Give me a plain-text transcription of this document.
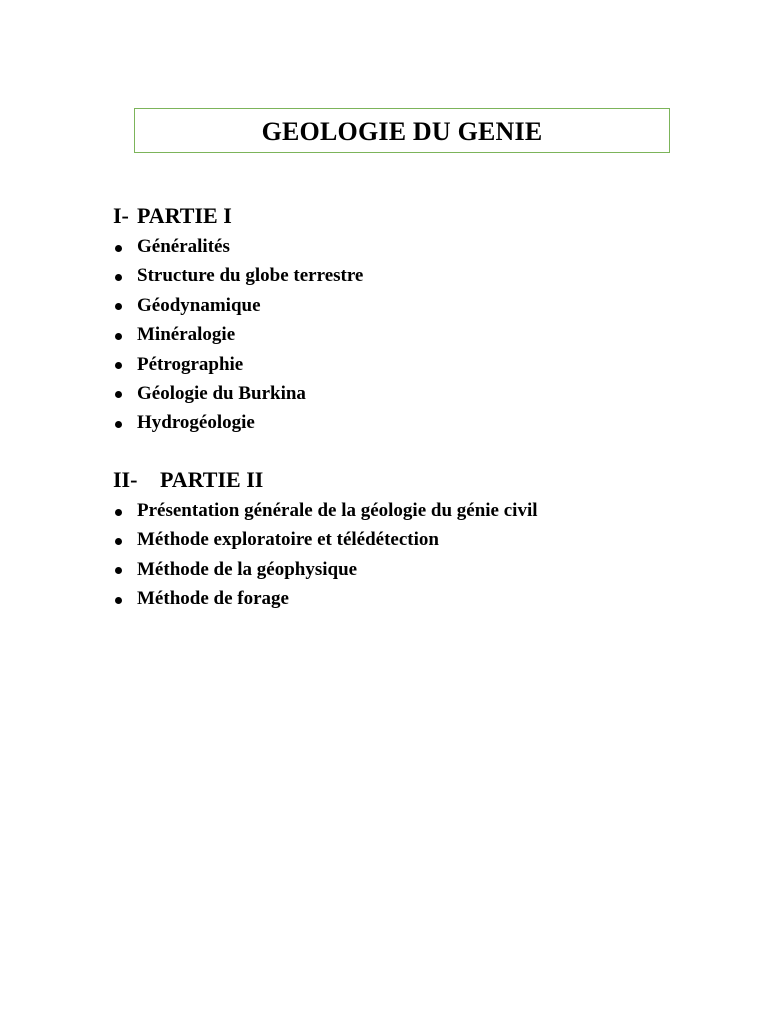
GEOLOGIE DU GENIE
I- PARTIE I
Généralités
Structure du globe terrestre
Géodynamique
Minéralogie
Pétrographie
Géologie du Burkina
Hydrogéologie
II- PARTIE II
Présentation générale de la géologie du génie civil
Méthode exploratoire et télédétection
Méthode de la géophysique
Méthode de forage
